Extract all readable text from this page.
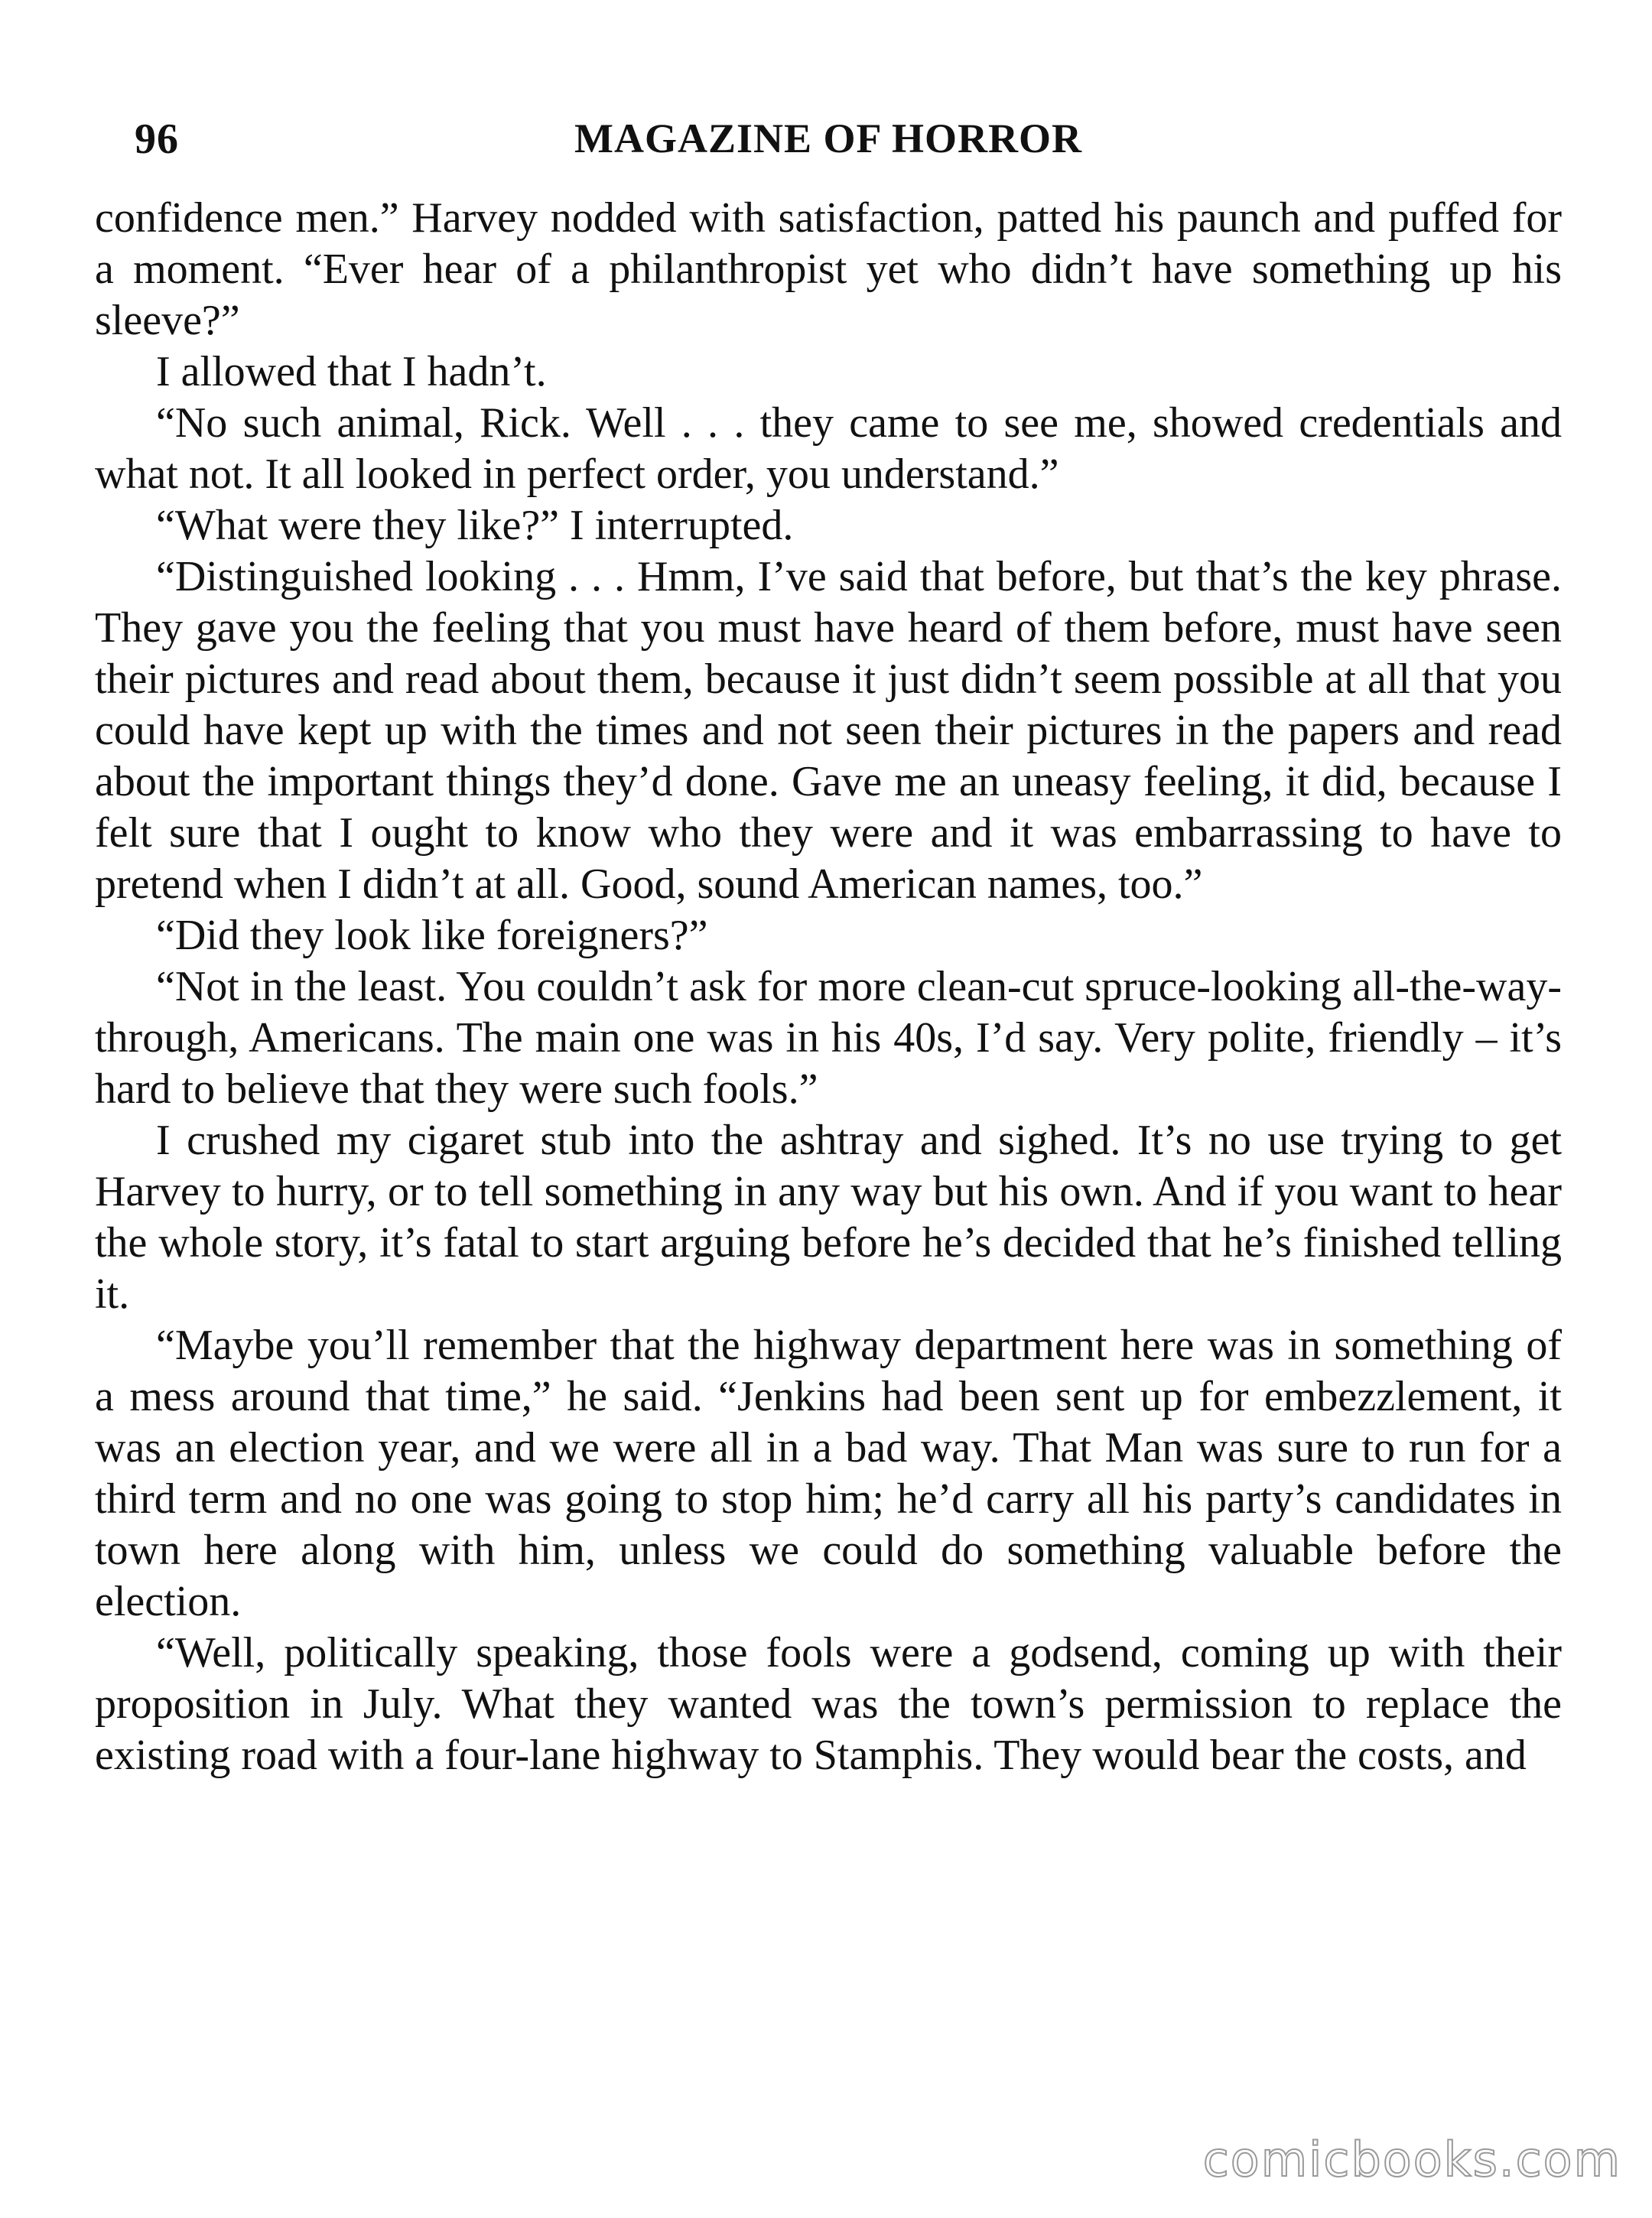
96	MAGAZINE OF HORROR

confidence men.” Harvey nodded with satisfaction, patted his paunch and puffed for a moment. “Ever hear of a philanthropist yet who didn’t have something up his sleeve?”

I allowed that I hadn’t.

“No such animal, Rick. Well . . . they came to see me, showed credentials and what not. It all looked in perfect order, you understand.”

“What were they like?” I interrupted.

“Distinguished looking . . . Hmm, I’ve said that before, but that’s the key phrase. They gave you the feeling that you must have heard of them before, must have seen their pictures and read about them, because it just didn’t seem possible at all that you could have kept up with the times and not seen their pictures in the papers and read about the important things they’d done. Gave me an uneasy feeling, it did, because I felt sure that I ought to know who they were and it was embarrassing to have to pretend when I didn’t at all. Good, sound American names, too.”

“Did they look like foreigners?”

“Not in the least. You couldn’t ask for more clean-cut spruce-looking all-the-way-through, Americans. The main one was in his 40s, I’d say. Very polite, friendly – it’s hard to believe that they were such fools.”

I crushed my cigaret stub into the ashtray and sighed. It’s no use trying to get Harvey to hurry, or to tell something in any way but his own. And if you want to hear the whole story, it’s fatal to start arguing before he’s decided that he’s finished telling it.

“Maybe you’ll remember that the highway department here was in something of a mess around that time,” he said. “Jenkins had been sent up for embezzlement, it was an election year, and we were all in a bad way. That Man was sure to run for a third term and no one was going to stop him; he’d carry all his party’s candidates in town here along with him, unless we could do something valuable before the election.

“Well, politically speaking, those fools were a godsend, coming up with their proposition in July. What they wanted was the town’s permission to replace the existing road with a four-lane highway to Stamphis. They would bear the costs, and

comicbooks.com
